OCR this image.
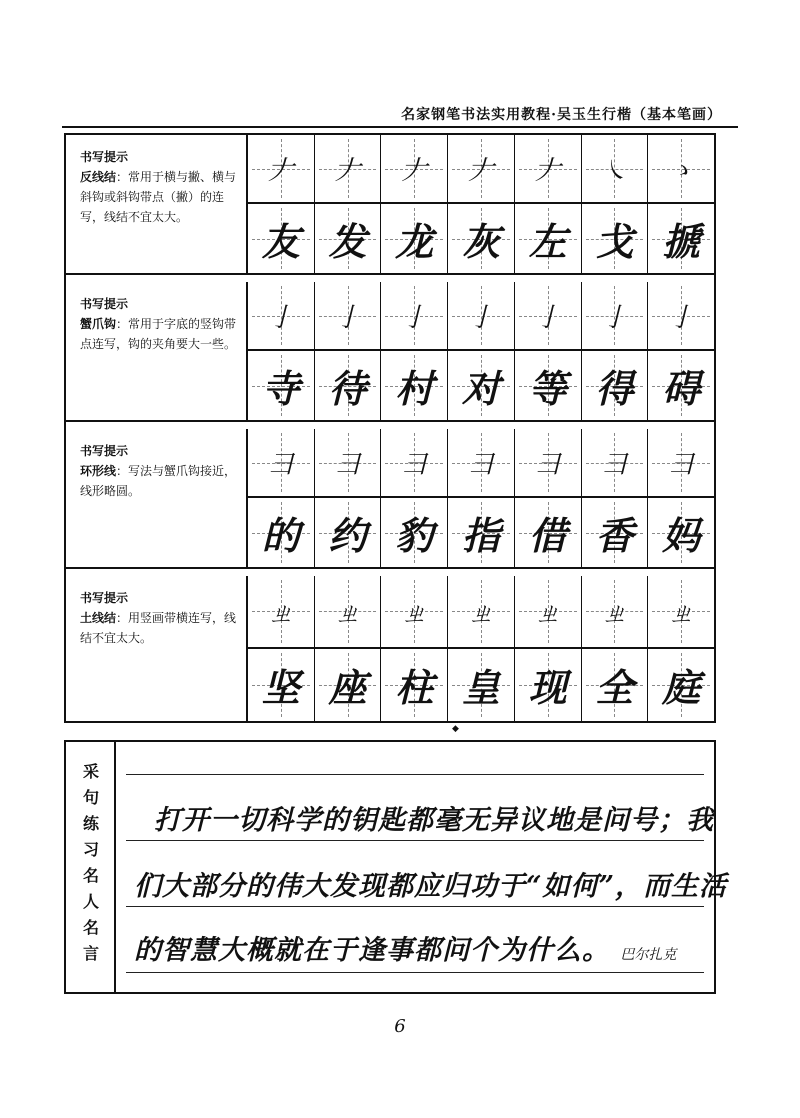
名家钢笔书法实用教程·吴玉生行楷（基本笔画）
书写提示
反线结：常用于横与撇、横与斜钩或斜钩带点（撇）的连写，线结不宜太大。
𠂇 𠂇 𠂇 𠂇 𠂇 ㇏ ゝ
友 发 龙 灰 左 戈 搋
书写提示
蟹爪钩：常用于字底的竖钩带点连写，钩的夹角要大一些。
亅 亅 亅 亅 亅 亅 亅
寺 待 村 对 等 得 碍
书写提示
环形线：写法与蟹爪钩接近，线形略圆。
彐 彐 彐 彐 彐 彐 彐
的 约 豹 指 借 香 妈
书写提示
土线结：用竖画带横连写，线结不宜太大。
ㄓ ㄓ ㄓ ㄓ ㄓ ㄓ ㄓ
坚 座 柱 皇 现 全 庭
◆
采句练习名人名言 打开一切科学的钥匙都毫无异议地是问号；我
们大部分的伟大发现都应归功于“如何”，而生活
的智慧大概就在于逢事都问个为什么。 巴尔扎克
6
